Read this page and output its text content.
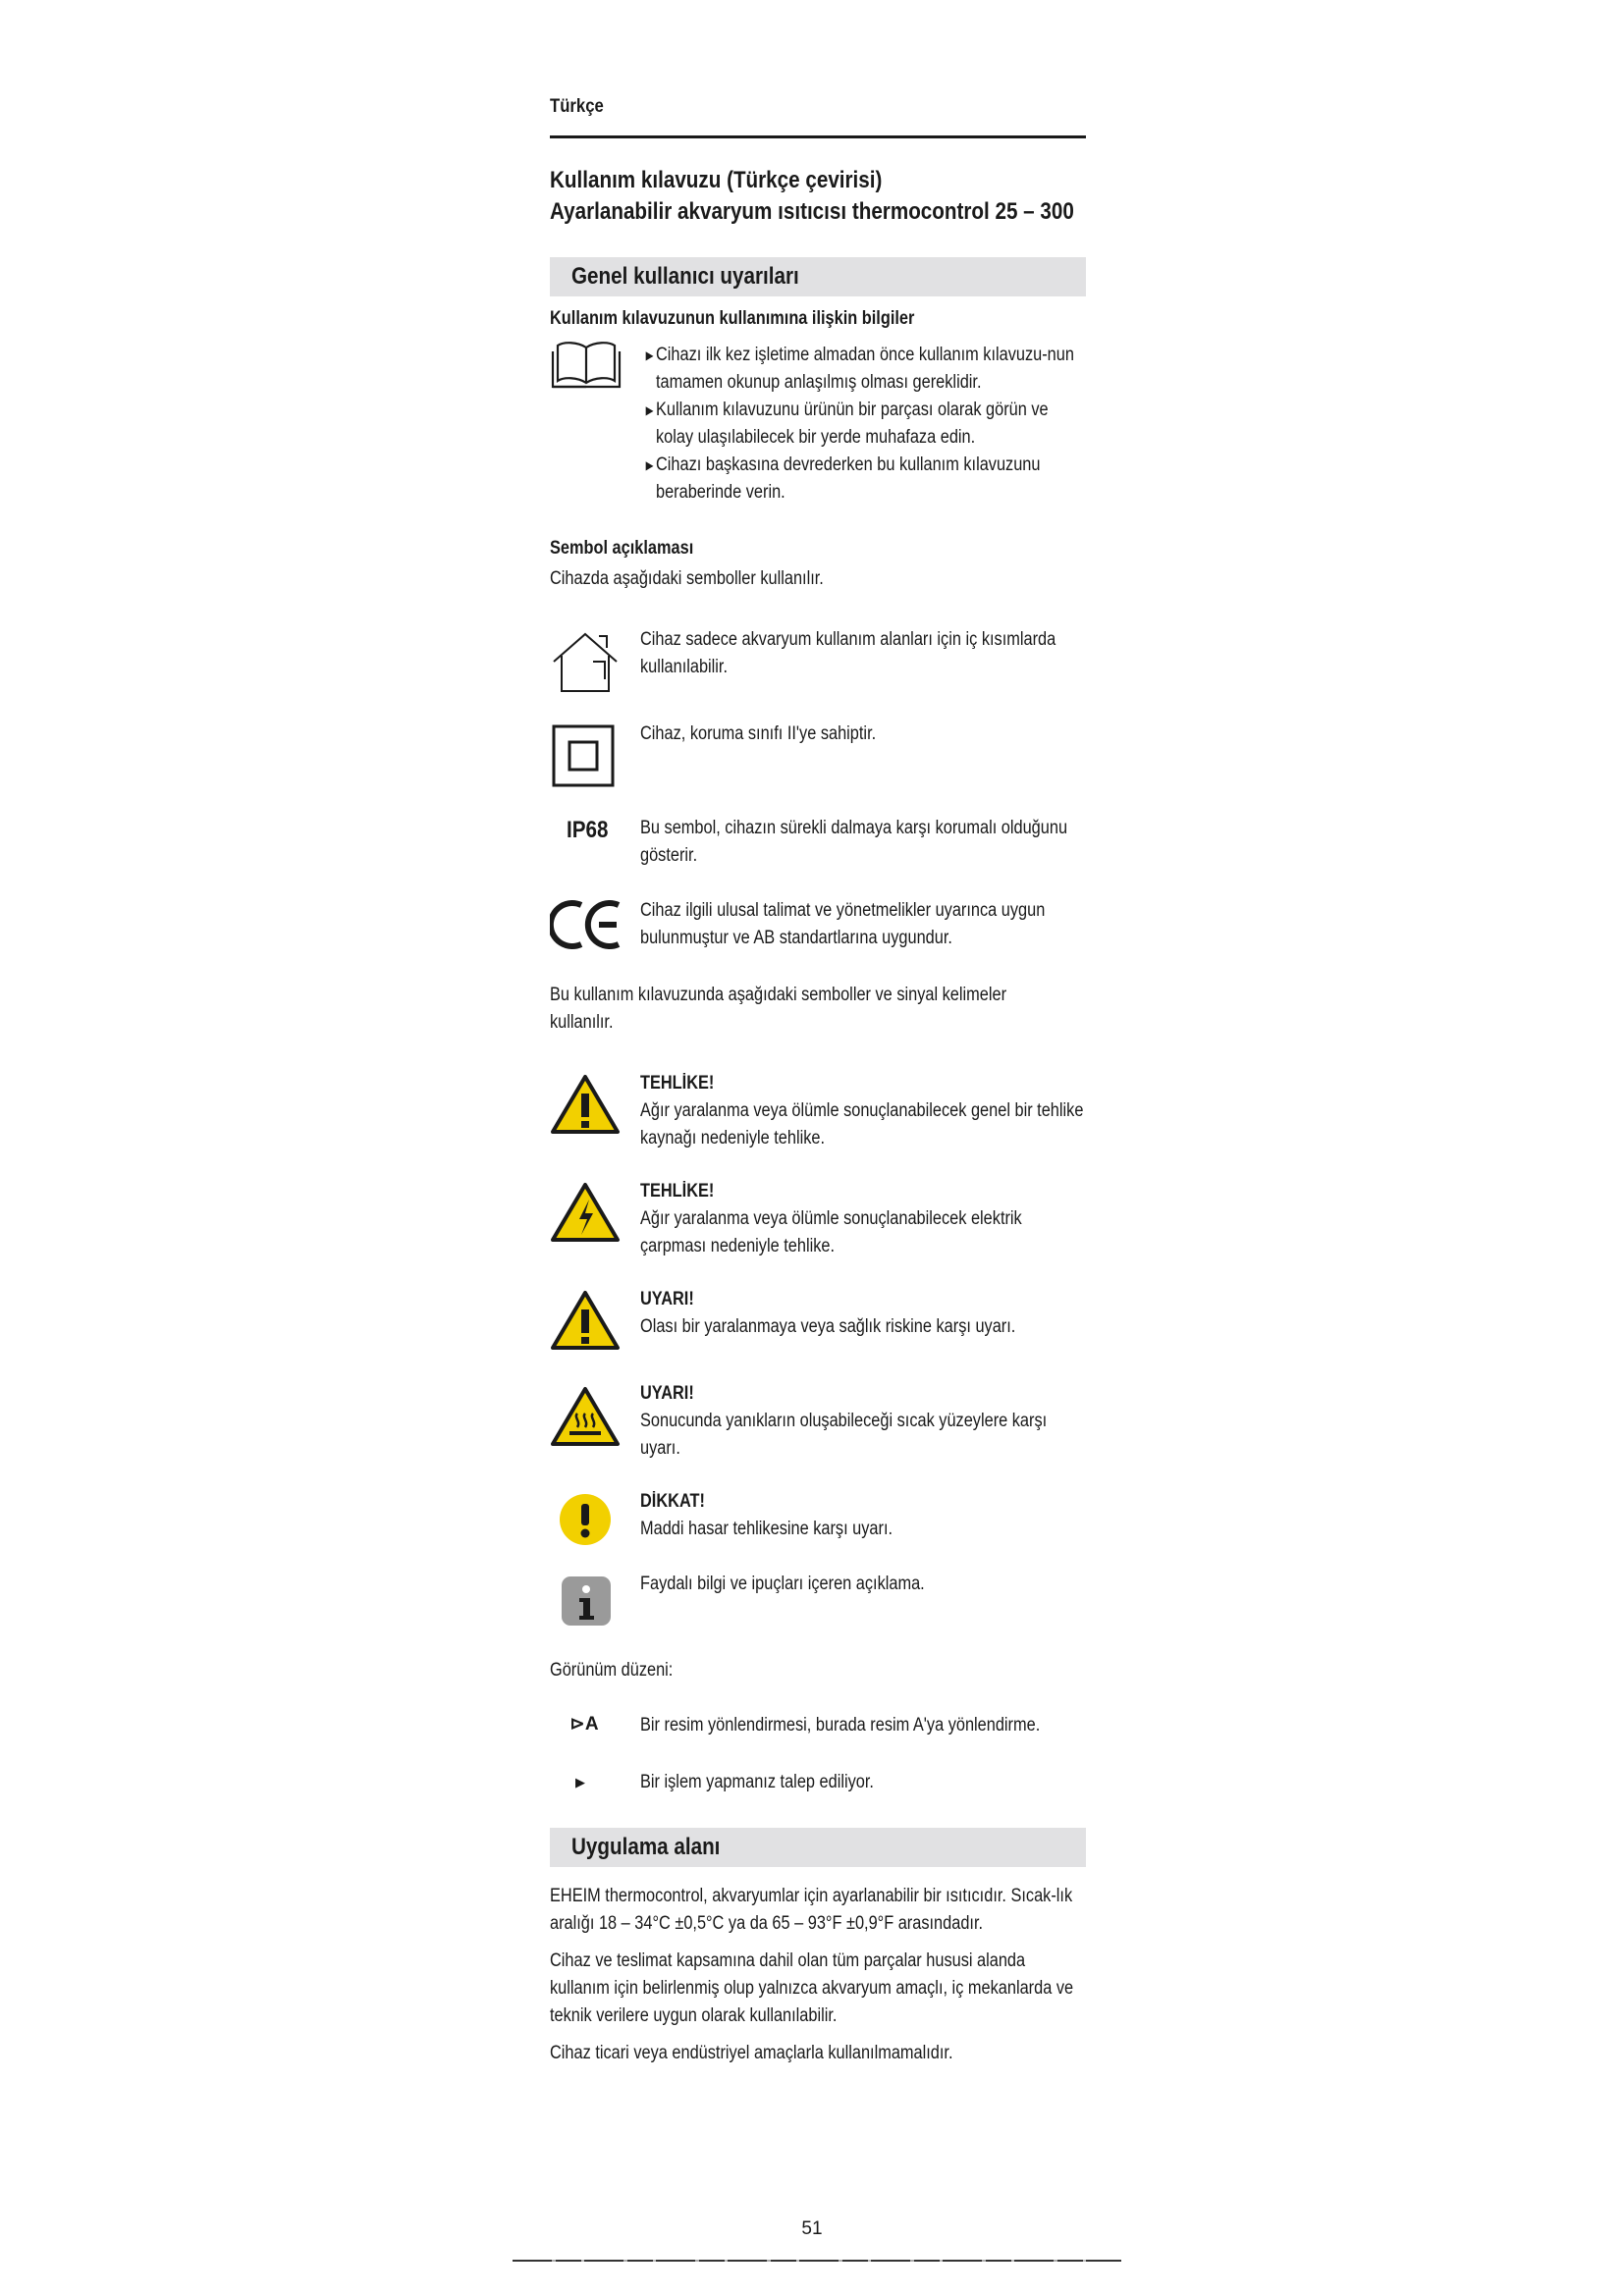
Türkçe
Kullanım kılavuzu (Türkçe çevirisi)
Ayarlanabilir akvaryum ısıtıcısı thermocontrol 25 – 300
Genel kullanıcı uyarıları
Kullanım kılavuzunun kullanımına ilişkin bilgiler
▶ Cihazı ilk kez işletime almadan önce kullanım kılavuzu-nun tamamen okunup anlaşılmış olması gereklidir.

▶ Kullanım kılavuzunu ürünün bir parçası olarak görün ve kolay ulaşılabilecek bir yerde muhafaza edin.

▶ Cihazı başkasına devrederken bu kullanım kılavuzunu beraberinde verin.

Sembol açıklaması
Cihazda aşağıdaki semboller kullanılır.
Cihaz sadece akvaryum kullanım alanları için iç kısımlarda kullanılabilir.
Cihaz, koruma sınıfı II'ye sahiptir.
IP68 Bu sembol, cihazın sürekli dalmaya karşı korumalı olduğunu gösterir.
Cihaz ilgili ulusal talimat ve yönetmelikler uyarınca uygun bulunmuştur ve AB standartlarına uygundur.
Bu kullanım kılavuzunda aşağıdaki semboller ve sinyal kelimeler kullanılır.
TEHLİKE!
Ağır yaralanma veya ölümle sonuçlanabilecek genel bir tehlike kaynağı nedeniyle tehlike.
TEHLİKE!
Ağır yaralanma veya ölümle sonuçlanabilecek elektrik çarpması nedeniyle tehlike.
UYARI!
Olası bir yaralanmaya veya sağlık riskine karşı uyarı.
UYARI!
Sonucunda yanıkların oluşabileceği sıcak yüzeylere karşı uyarı.
DİKKAT!
Maddi hasar tehlikesine karşı uyarı.
Faydalı bilgi ve ipuçları içeren açıklama.
Görünüm düzeni:
⊳A Bir resim yönlendirmesi, burada resim A'ya yönlendirme.
▶	Bir işlem yapmanız talep ediliyor.
Uygulama alanı
EHEIM thermocontrol, akvaryumlar için ayarlanabilir bir ısıtıcıdır. Sıcak-lık aralığı 18 – 34°C ±0,5°C ya da 65 – 93°F ±0,9°F arasındadır.
Cihaz ve teslimat kapsamına dahil olan tüm parçalar hususi alanda kullanım için belirlenmiş olup yalnızca akvaryum amaçlı, iç mekanlarda ve teknik verilere uygun olarak kullanılabilir.
Cihaz ticari veya endüstriyel amaçlarla kullanılmamalıdır.
51
